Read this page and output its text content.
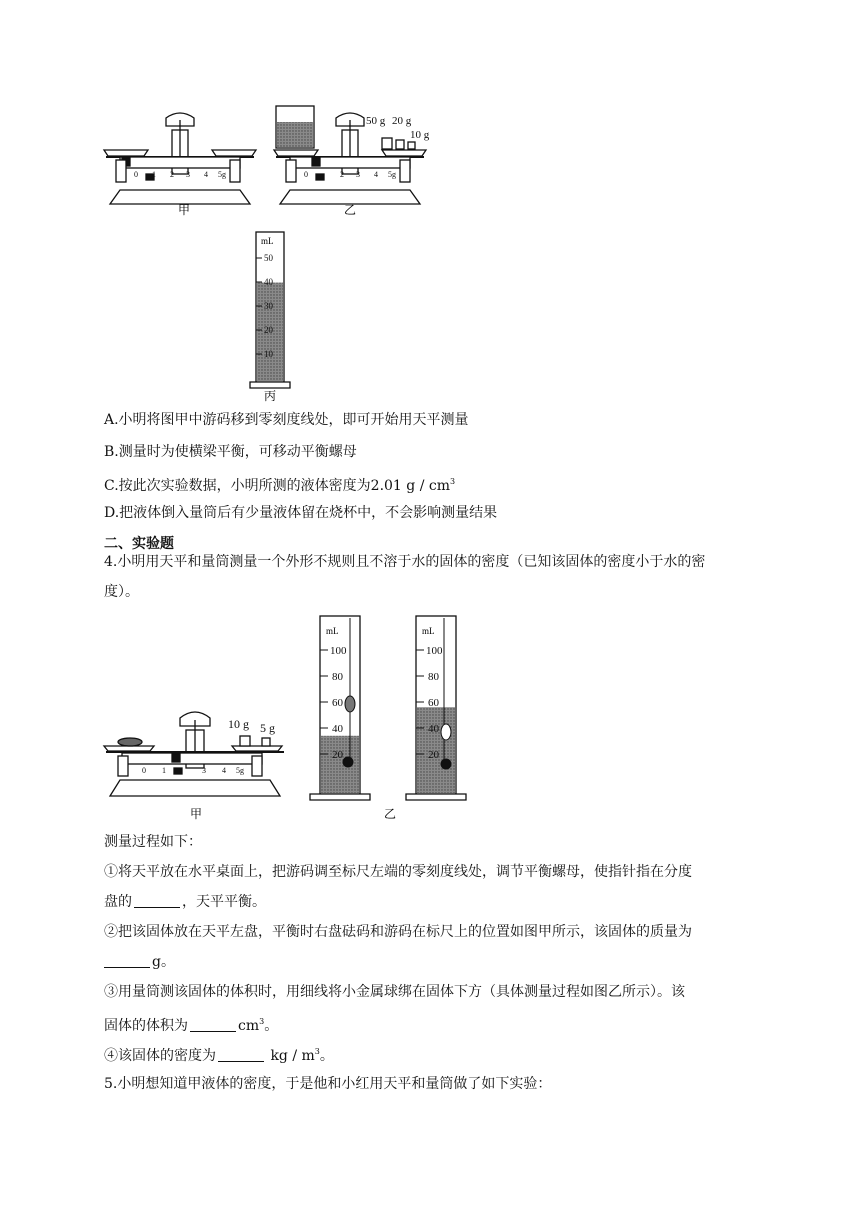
0 1 2 3 4 5g
甲
0	2 3 4 5g
50 g 20 g
10 g
乙
mL
50
40
30
20
10
丙
A.小明将图甲中游码移到零刻度线处，即可开始用天平测量
B.测量时为使横梁平衡，可移动平衡螺母
C.按此次实验数据，小明所测的液体密度为2.01 g / $cm^3$
D.把液体倒入量筒后有少量液体留在烧杯中，不会影响测量结果
二、实验题
4.小明用天平和量筒测量一个外形不规则且不溶于水的固体的密度（已知该固体的密度小于水的密
度）。
0 1	3 4 5g
10 g 5 g
甲
mL	mL
100
80
60
40
20
100
80
60
40
20
乙
测量过程如下：
①将天平放在水平桌面上，把游码调至标尺左端的零刻度线处，调节平衡螺母，使指针指在分度
盘的	，天平平衡。
②把该固体放在天平左盘，平衡时右盘砝码和游码在标尺上的位置如图甲所示，该固体的质量为
g。
③用量筒测该固体的体积时，用细线将小金属球绑在固体下方（具体测量过程如图乙所示）。该
固体的体积为	$cm^3$。
④该固体的密度为	kg / $m^3$。
5.小明想知道甲液体的密度，于是他和小红用天平和量筒做了如下实验：
